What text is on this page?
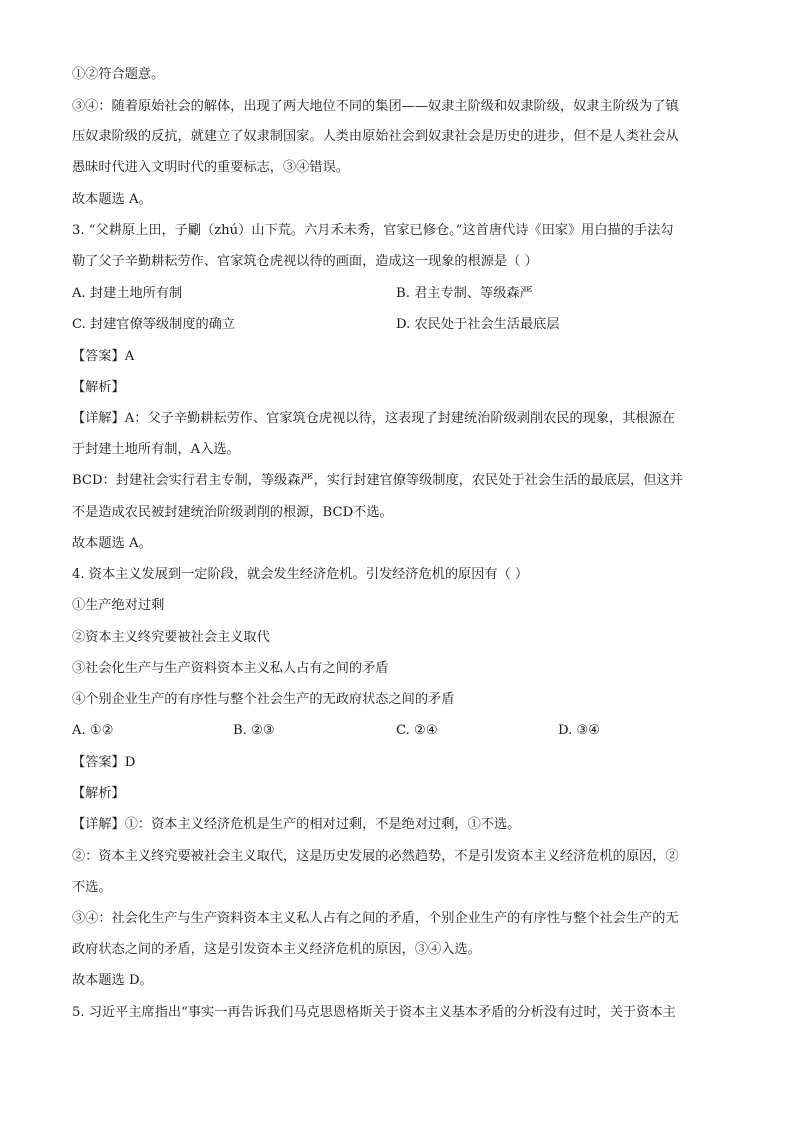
①②符合题意。
③④：随着原始社会的解体，出现了两大地位不同的集团——奴隶主阶级和奴隶阶级，奴隶主阶级为了镇
压奴隶阶级的反抗，就建立了奴隶制国家。人类由原始社会到奴隶社会是历史的进步，但不是人类社会从
愚昧时代进入文明时代的重要标志，③④错误。
故本题选 A。
3. “父耕原上田，子劚（zhú）山下荒。六月禾未秀，官家已修仓。”这首唐代诗《田家》用白描的手法勾
勒了父子辛勤耕耘劳作、官家筑仓虎视以待的画面，造成这一现象的根源是（ ）
A. 封建土地所有制	B. 君主专制、等级森严
C. 封建官僚等级制度的确立	D. 农民处于社会生活最底层
【答案】A
【解析】
【详解】A：父子辛勤耕耘劳作、官家筑仓虎视以待，这表现了封建统治阶级剥削农民的现象，其根源在
于封建土地所有制，A入选。
BCD：封建社会实行君主专制，等级森严，实行封建官僚等级制度，农民处于社会生活的最底层，但这并
不是造成农民被封建统治阶级剥削的根源，BCD不选。
故本题选 A。
4. 资本主义发展到一定阶段，就会发生经济危机。引发经济危机的原因有（ ）
①生产绝对过剩
②资本主义终究要被社会主义取代
③社会化生产与生产资料资本主义私人占有之间的矛盾
④个别企业生产的有序性与整个社会生产的无政府状态之间的矛盾
A. ①②	B. ②③	C. ②④	D. ③④
【答案】D
【解析】
【详解】①：资本主义经济危机是生产的相对过剩，不是绝对过剩，①不选。
②：资本主义终究要被社会主义取代，这是历史发展的必然趋势，不是引发资本主义经济危机的原因，②
不选。
③④：社会化生产与生产资料资本主义私人占有之间的矛盾，个别企业生产的有序性与整个社会生产的无
政府状态之间的矛盾，这是引发资本主义经济危机的原因，③④入选。
故本题选 D。
5. 习近平主席指出“事实一再告诉我们马克思恩格斯关于资本主义基本矛盾的分析没有过时，关于资本主
